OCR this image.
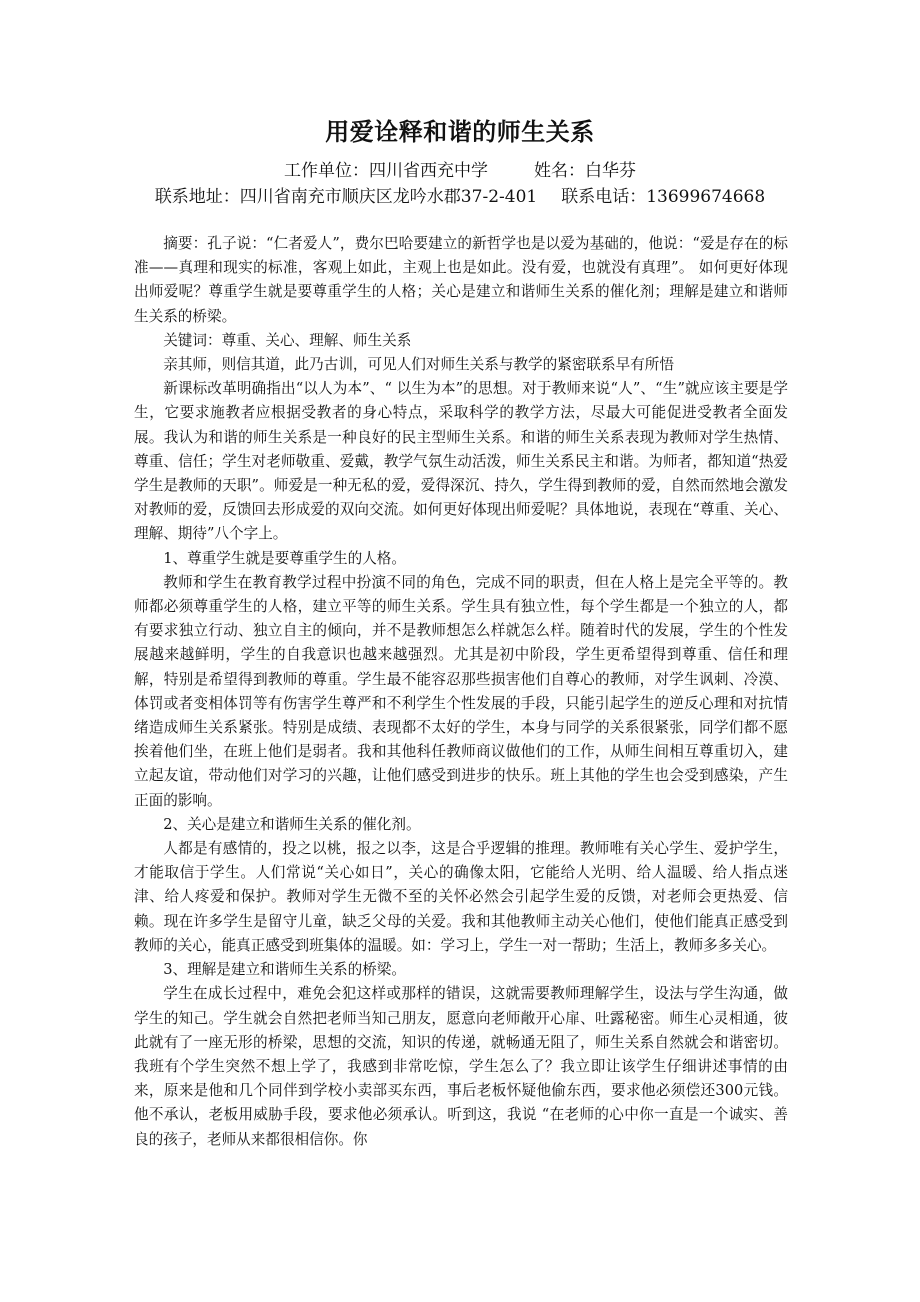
用爱诠释和谐的师生关系
工作单位：四川省西充中学	姓名：白华芬
联系地址：四川省南充市顺庆区龙吟水郡37-2-401 联系电话：13699674668

摘要：孔子说：“仁者爱人”，费尔巴哈要建立的新哲学也是以爱为基础的，他说：“爱是存在的标准——真理和现实的标准，客观上如此，主观上也是如此。没有爱，也就没有真理”。 如何更好体现出师爱呢？尊重学生就是要尊重学生的人格；关心是建立和谐师生关系的催化剂；理解是建立和谐师生关系的桥梁。

关键词：尊重、关心、理解、师生关系

亲其师，则信其道，此乃古训，可见人们对师生关系与教学的紧密联系早有所悟

新课标改革明确指出“以人为本”、“ 以生为本”的思想。对于教师来说“人”、“生”就应该主要是学生，它要求施教者应根据受教者的身心特点，采取科学的教学方法，尽最大可能促进受教者全面发展。我认为和谐的师生关系是一种良好的民主型师生关系。和谐的师生关系表现为教师对学生热情、尊重、信任；学生对老师敬重、爱戴，教学气氛生动活泼，师生关系民主和谐。为师者，都知道“热爱学生是教师的天职”。师爱是一种无私的爱，爱得深沉、持久，学生得到教师的爱，自然而然地会激发对教师的爱，反馈回去形成爱的双向交流。如何更好体现出师爱呢？具体地说，表现在“尊重、关心、理解、期待”八个字上。

1、尊重学生就是要尊重学生的人格。

教师和学生在教育教学过程中扮演不同的角色，完成不同的职责，但在人格上是完全平等的。教师都必须尊重学生的人格，建立平等的师生关系。学生具有独立性，每个学生都是一个独立的人，都有要求独立行动、独立自主的倾向，并不是教师想怎么样就怎么样。随着时代的发展，学生的个性发展越来越鲜明，学生的自我意识也越来越强烈。尤其是初中阶段，学生更希望得到尊重、信任和理解，特别是希望得到教师的尊重。学生最不能容忍那些损害他们自尊心的教师，对学生讽刺、冷漠、体罚或者变相体罚等有伤害学生尊严和不利学生个性发展的手段，只能引起学生的逆反心理和对抗情绪造成师生关系紧张。特别是成绩、表现都不太好的学生，本身与同学的关系很紧张，同学们都不愿挨着他们坐，在班上他们是弱者。我和其他科任教师商议做他们的工作，从师生间相互尊重切入，建立起友谊，带动他们对学习的兴趣，让他们感受到进步的快乐。班上其他的学生也会受到感染，产生正面的影响。

2、关心是建立和谐师生关系的催化剂。

人都是有感情的，投之以桃，报之以李，这是合乎逻辑的推理。教师唯有关心学生、爱护学生，才能取信于学生。人们常说“关心如日”，关心的确像太阳，它能给人光明、给人温暖、给人指点迷津、给人疼爱和保护。教师对学生无微不至的关怀必然会引起学生爱的反馈，对老师会更热爱、信赖。现在许多学生是留守儿童，缺乏父母的关爱。我和其他教师主动关心他们，使他们能真正感受到教师的关心，能真正感受到班集体的温暖。如：学习上，学生一对一帮助；生活上，教师多多关心。

3、理解是建立和谐师生关系的桥梁。

学生在成长过程中，难免会犯这样或那样的错误，这就需要教师理解学生，设法与学生沟通，做学生的知己。学生就会自然把老师当知己朋友，愿意向老师敞开心扉、吐露秘密。师生心灵相通，彼此就有了一座无形的桥梁，思想的交流，知识的传递，就畅通无阻了，师生关系自然就会和谐密切。我班有个学生突然不想上学了，我感到非常吃惊，学生怎么了？我立即让该学生仔细讲述事情的由来，原来是他和几个同伴到学校小卖部买东西，事后老板怀疑他偷东西，要求他必须偿还300元钱。他不承认，老板用威胁手段，要求他必须承认。听到这，我说 “在老师的心中你一直是一个诚实、善良的孩子，老师从来都很相信你。你
